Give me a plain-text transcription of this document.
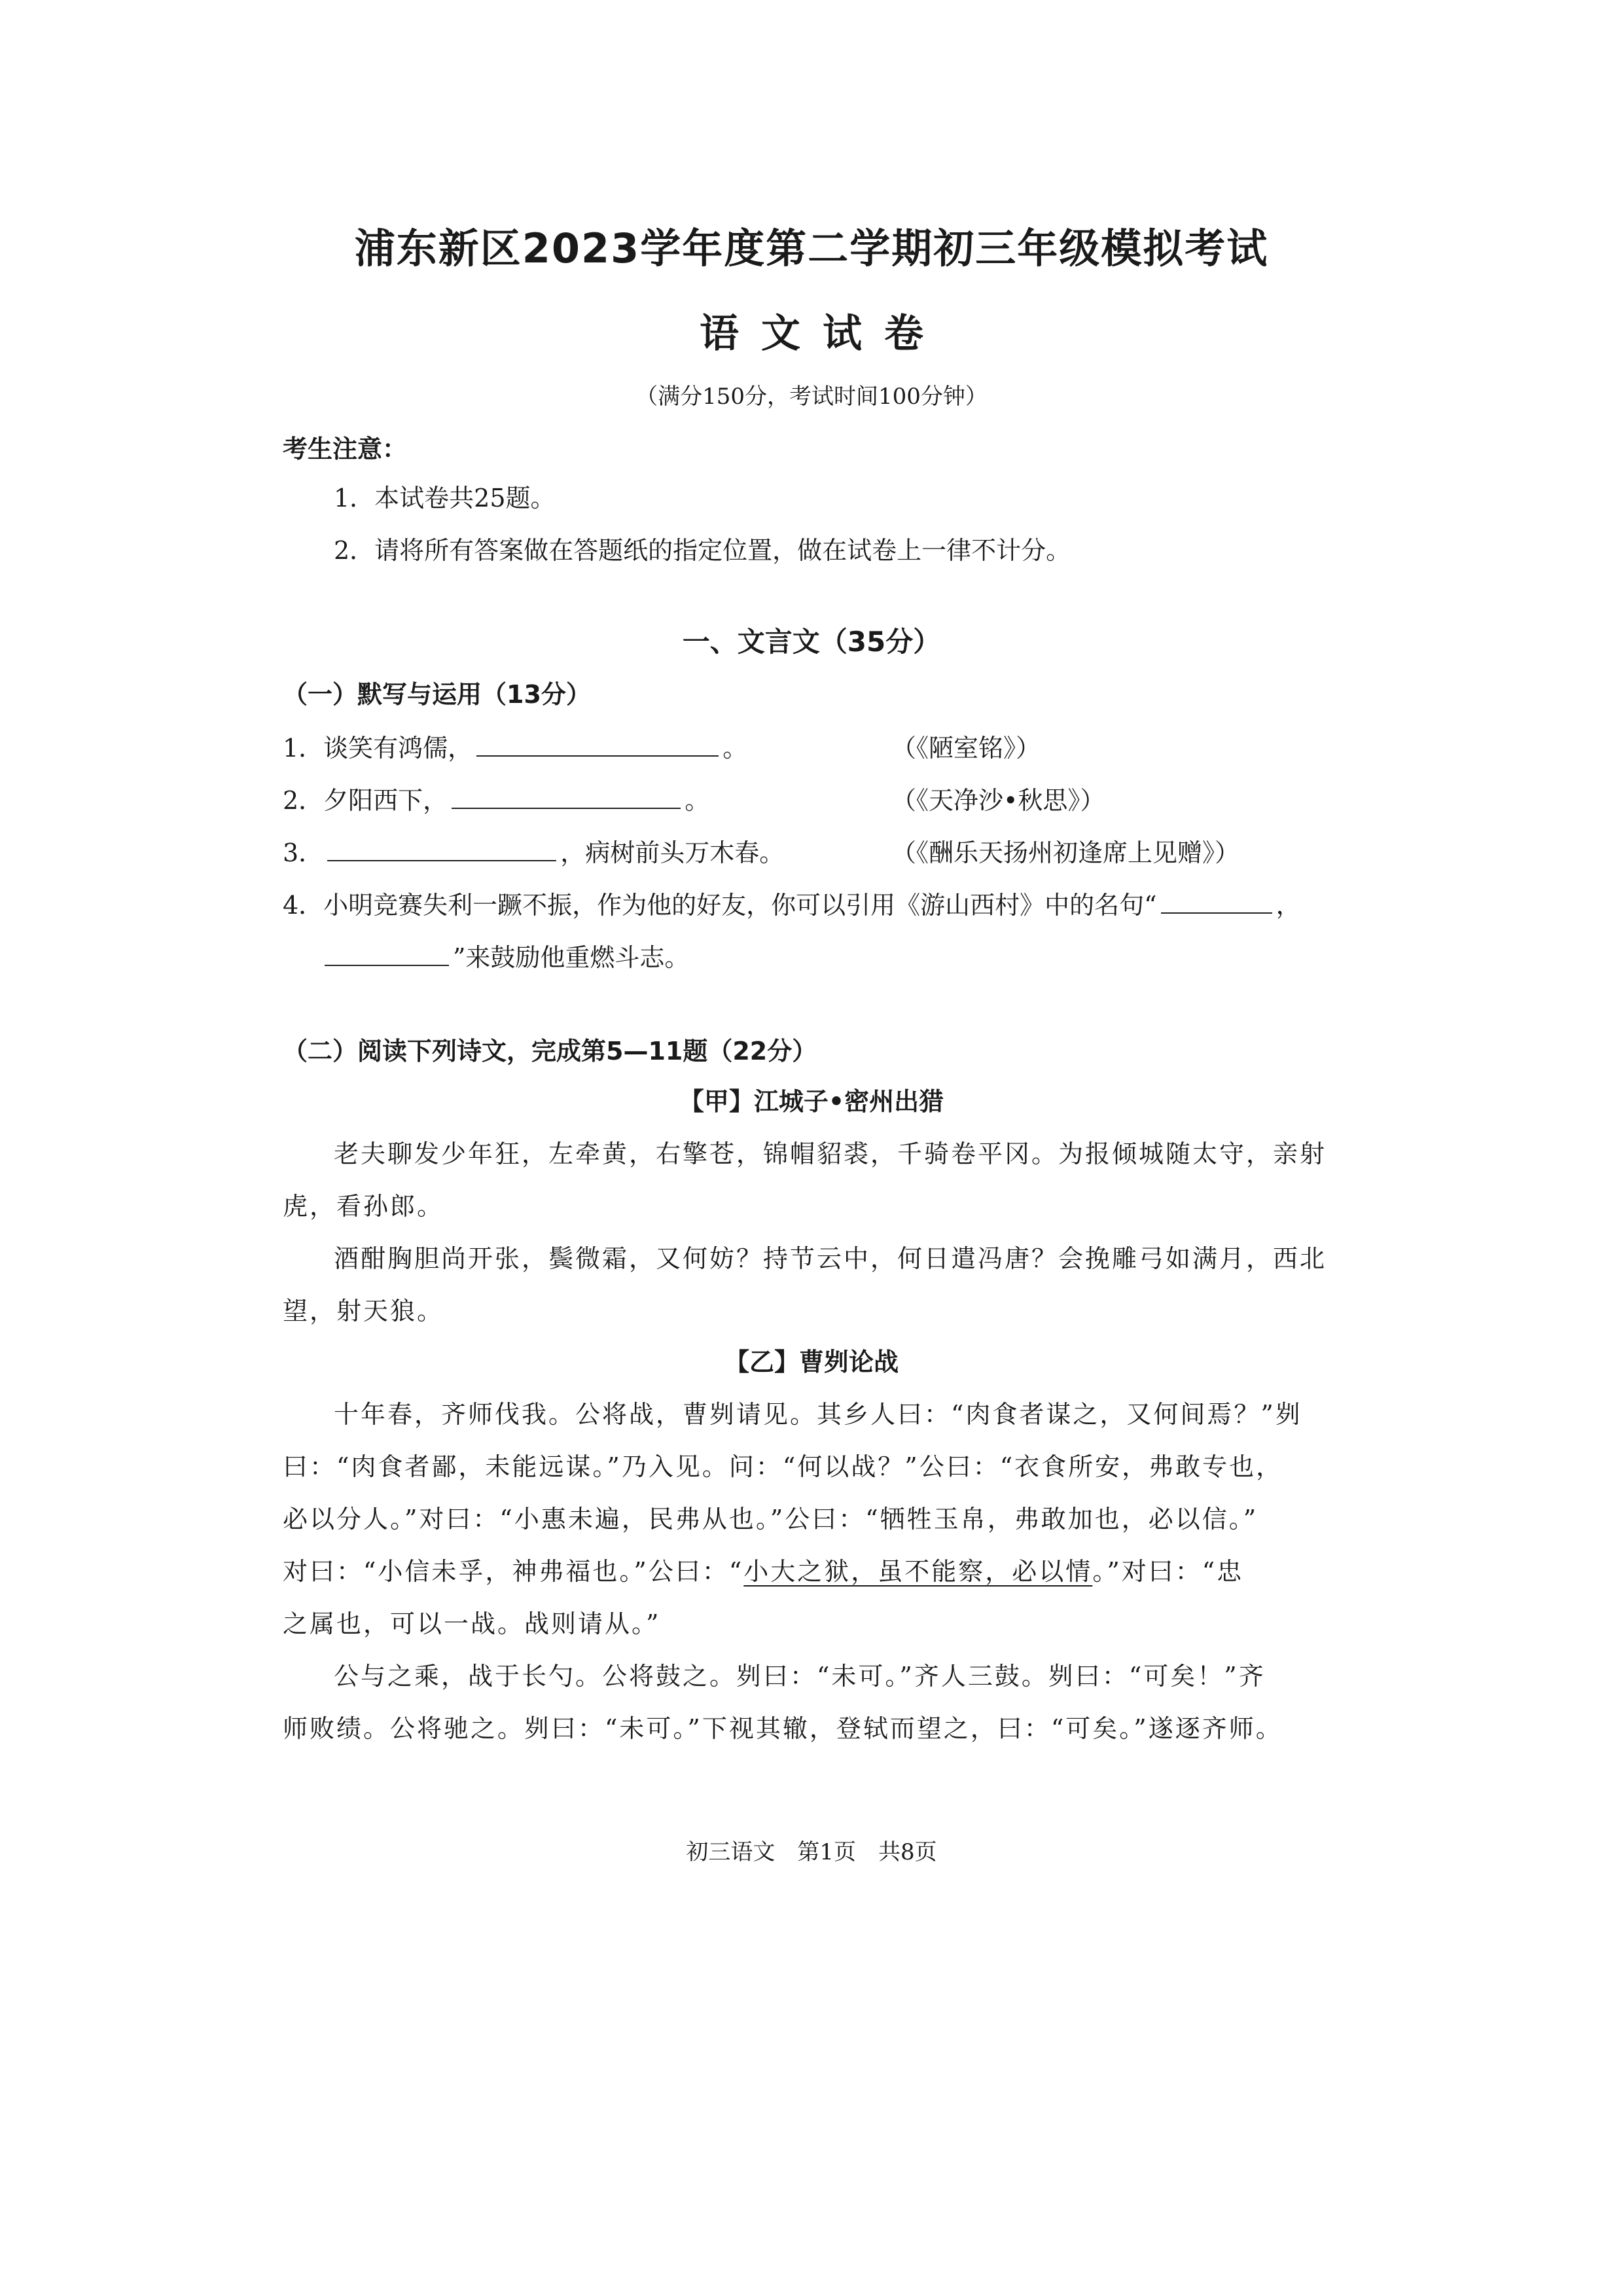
浦东新区2023学年度第二学期初三年级模拟考试
语文试卷
（满分150分，考试时间100分钟）
考生注意：
1．本试卷共25题。
2．请将所有答案做在答题纸的指定位置，做在试卷上一律不计分。
一、文言文（35分）
（一）默写与运用（13分）
1．谈笑有鸿儒，	。	（《陋室铭》）
2．夕阳西下，	。	（《天净沙•秋思》）
3．	，病树前头万木春。	（《酬乐天扬州初逢席上见赠》）
4．小明竞赛失利一蹶不振，作为他的好友，你可以引用《游山西村》中的名句“	，
”来鼓励他重燃斗志。
（二）阅读下列诗文，完成第5—11题（22分）
【甲】江城子•密州出猎
老夫聊发少年狂，左牵黄，右擎苍，锦帽貂裘，千骑卷平冈。为报倾城随太守，亲射
虎，看孙郎。
酒酣胸胆尚开张，鬓微霜，又何妨？持节云中，何日遣冯唐？会挽雕弓如满月，西北
望，射天狼。
【乙】曹刿论战
十年春，齐师伐我。公将战，曹刿请见。其乡人曰：“肉食者谋之，又何间焉？”刿
曰：“肉食者鄙，未能远谋。”乃入见。问：“何以战？”公曰：“衣食所安，弗敢专也，
必以分人。”对曰：“小惠未遍，民弗从也。”公曰：“牺牲玉帛，弗敢加也，必以信。”
对曰：“小信未孚，神弗福也。”公曰：“小大之狱，虽不能察，必以情。”对曰：“忠
之属也，可以一战。战则请从。”
公与之乘，战于长勺。公将鼓之。刿曰：“未可。”齐人三鼓。刿曰：“可矣！”齐
师败绩。公将驰之。刿曰：“未可。”下视其辙，登轼而望之，曰：“可矣。”遂逐齐师。
初三语文　第1页　共8页
